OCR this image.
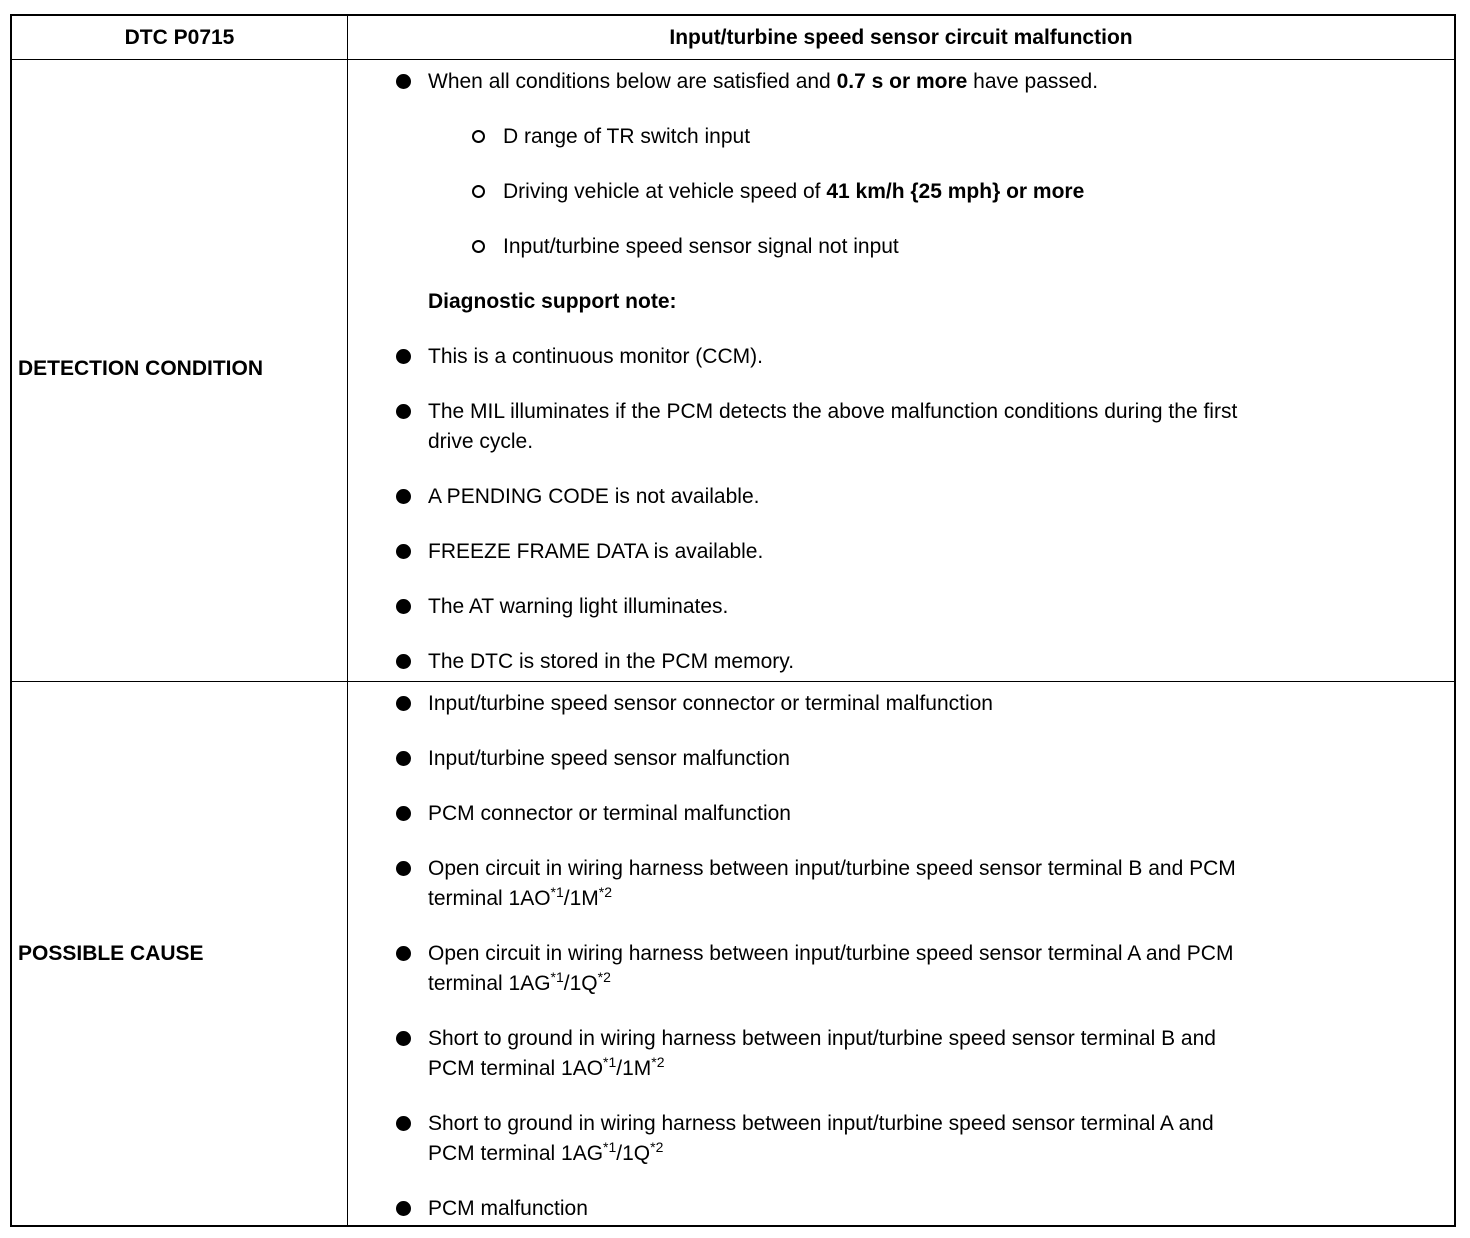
DTC P0715	Input/turbine speed sensor circuit malfunction
DETECTION CONDITION
When all conditions below are satisfied and 0.7 s or more have passed.
D range of TR switch input
Driving vehicle at vehicle speed of 41 km/h {25 mph} or more
Input/turbine speed sensor signal not input
Diagnostic support note:
This is a continuous monitor (CCM).
The MIL illuminates if the PCM detects the above malfunction conditions during the first
drive cycle.
A PENDING CODE is not available.
FREEZE FRAME DATA is available.
The AT warning light illuminates.
The DTC is stored in the PCM memory.
POSSIBLE CAUSE
Input/turbine speed sensor connector or terminal malfunction
Input/turbine speed sensor malfunction
PCM connector or terminal malfunction
Open circuit in wiring harness between input/turbine speed sensor terminal B and PCM
terminal $1AO^{*1}/1M^{*2}$
Open circuit in wiring harness between input/turbine speed sensor terminal A and PCM
terminal $1AG^{*1}/1Q^{*2}$
Short to ground in wiring harness between input/turbine speed sensor terminal B and
PCM terminal $1AO^{*1}/1M^{*2}$
Short to ground in wiring harness between input/turbine speed sensor terminal A and
PCM terminal $1AG^{*1}/1Q^{*2}$
PCM malfunction
